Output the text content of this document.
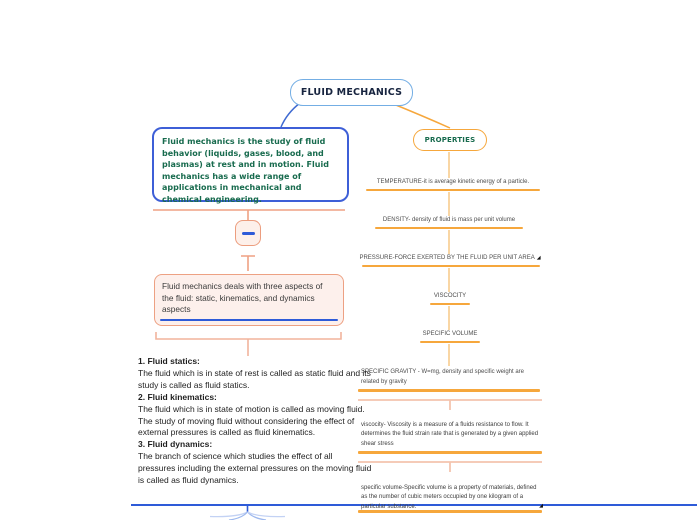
FLUID MECHANICS
Fluid mechanics is the study of fluid behavior (liquids, gases, blood, and plasmas) at rest and in motion. Fluid mechanics has a wide range of applications in mechanical and chemical engineering.
Fluid mechanics deals with three aspects of the fluid: static, kinematics, and dynamics aspects
1. Fluid statics:
The fluid which is in state of rest is called as static fluid and its study is called as fluid statics.
2. Fluid kinematics:
The fluid which is in state of motion is called as moving fluid. The study of moving fluid without considering the effect of external pressures is called as fluid kinematics.
3. Fluid dynamics:
The branch of science which studies the effect of all pressures including the external pressures on the moving fluid is called as fluid dynamics.
PROPERTIES
TEMPERATURE-it is average kinetic energy of a particle.
DENSITY- density of fluid is mass per unit volume
PRESSURE-FORCE EXERTED BY THE FLUID PER UNIT AREA ◢
VISCOCITY
SPECIFIC VOLUME
SPECIFIC GRAVITY - W=mg, density and specific weight are related by gravity
viscocity- Viscosity is a measure of a fluids resistance to flow. It determines the fluid strain rate that is generated by a given applied shear stress
specific volume-Specific volume is a property of materials, defined as the number of cubic meters occupied by one kilogram of a particular substance.	◢
